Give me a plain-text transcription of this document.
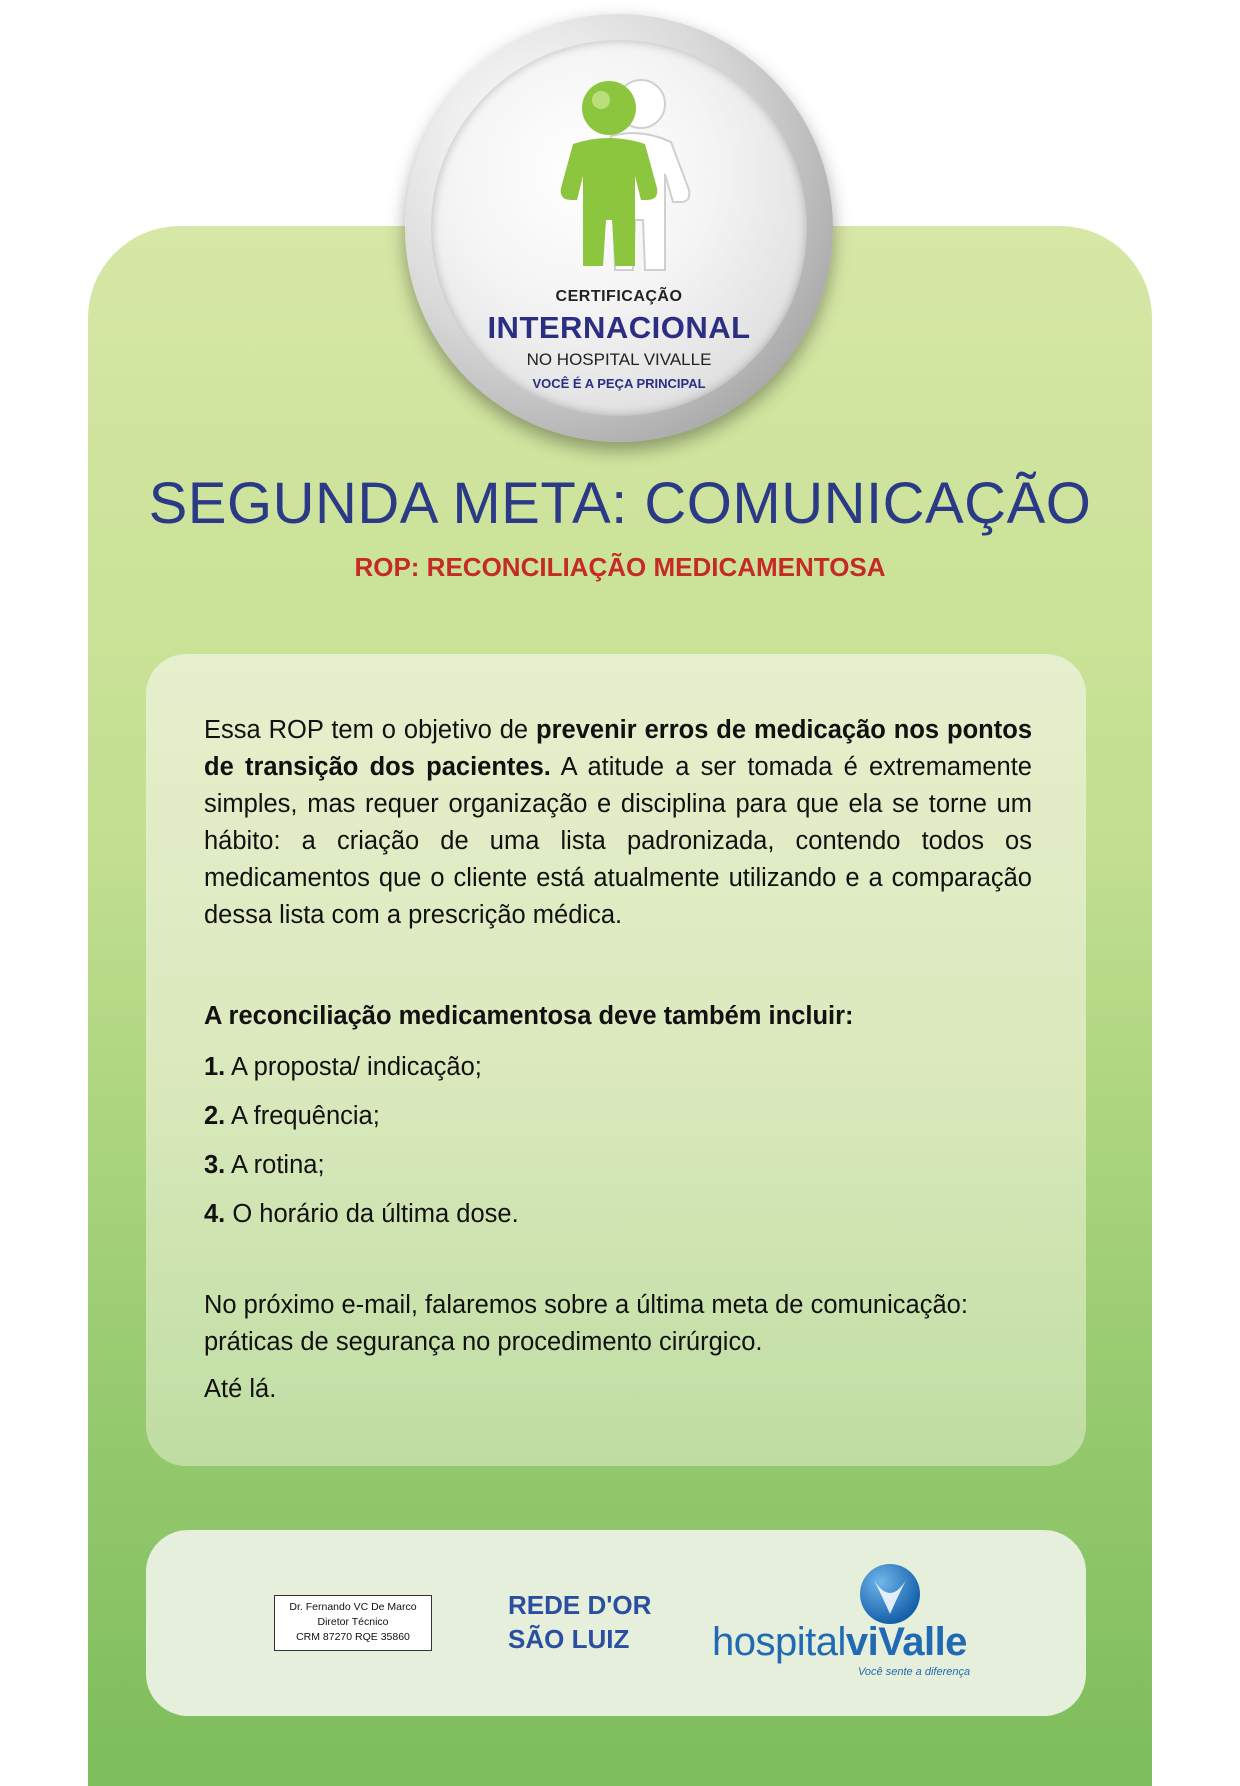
CERTIFICAÇÃO
INTERNACIONAL
NO HOSPITAL VIVALLE
VOCÊ É A PEÇA PRINCIPAL
SEGUNDA META: COMUNICAÇÃO
ROP: RECONCILIAÇÃO MEDICAMENTOSA

Essa ROP tem o objetivo de prevenir erros de medicação nos pontos de transição dos pacientes. A atitude a ser tomada é extremamente simples, mas requer organização e disciplina para que ela se torne um hábito: a criação de uma lista padronizada, contendo todos os medicamentos que o cliente está atualmente utilizando e a comparação dessa lista com a prescrição médica.

A reconciliação medicamentosa deve também incluir:

1. A proposta/ indicação;
2. A frequência;
3. A rotina;
4. O horário da última dose.

No próximo e-mail, falaremos sobre a última meta de comunicação: práticas de segurança no procedimento cirúrgico.

Até lá.

Dr. Fernando VC De Marco
Diretor Técnico
CRM 87270 RQE 35860
REDE D'OR
SÃO LUIZ hospitalviValle
Você sente a diferença
